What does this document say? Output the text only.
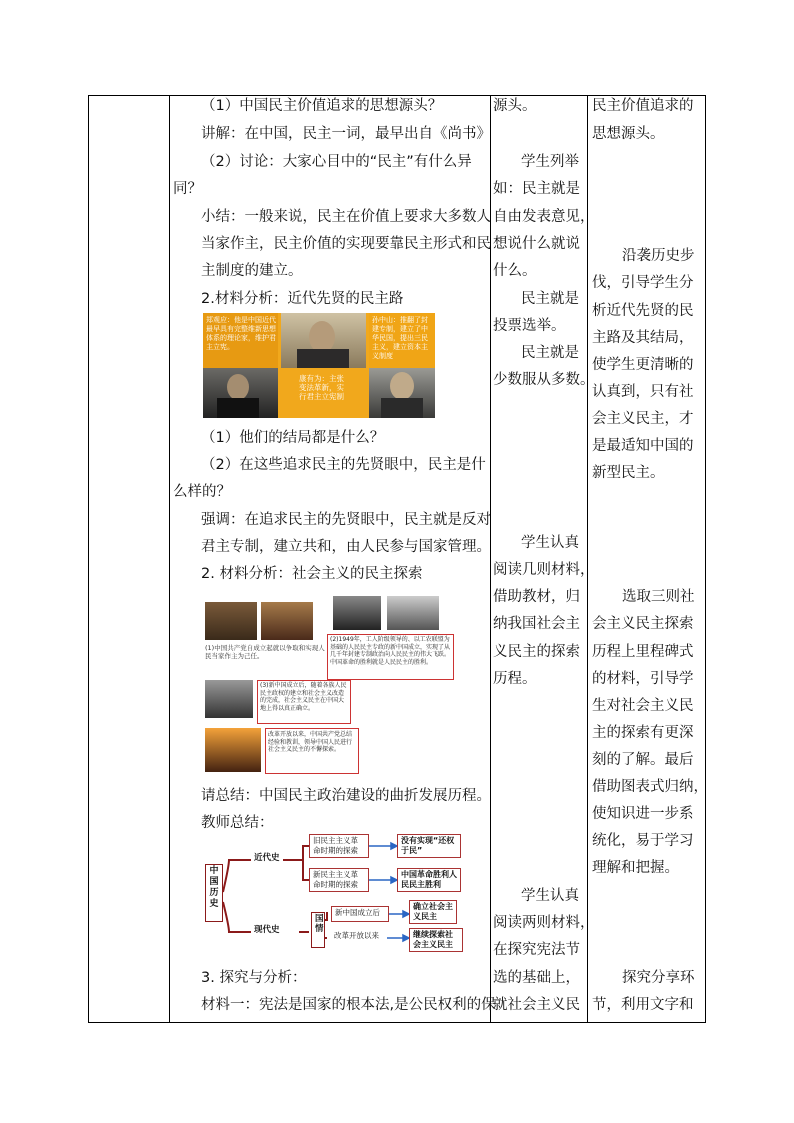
（1）中国民主价值追求的思想源头？
讲解：在中国，民主一词，最早出自《尚书》
（2）讨论：大家心目中的“民主”有什么异
同？
小结：一般来说，民主在价值上要求大多数人
当家作主，民主价值的实现要靠民主形式和民
主制度的建立。
2.材料分析：近代先贤的民主路
郑观应：他是中国近代最早具有完整维新思想体系的理论家，维护君主立宪。
孙中山：推翻了封建专制，建立了中华民国，提出三民主义，建立资本主义制度
康有为：主张变法革新，实行君主立宪制
（1）他们的结局都是什么？
（2）在这些追求民主的先贤眼中，民主是什
么样的？
强调：在追求民主的先贤眼中，民主就是反对
君主专制，建立共和，由人民参与国家管理。
2. 材料分析：社会主义的民主探索
(1)中国共产党自成立起就以争取和实现人民当家作主为己任。
(2)1949年，工人阶级领导的、以工农联盟为基础的人民民主专政的新中国成立，实现了从几千年封建专制政治向人民民主的伟大飞跃。中国革命的胜利就是人民民主的胜利。
(3)新中国成立后，随着各族人民民主政权的建立和社会主义改造的完成，社会主义民主在中国大地上得以真正确立。
改革开放以来，中国共产党总结经验和教训，领导中国人民进行社会主义民主的不懈探索。
请总结：中国民主政治建设的曲折发展历程。
教师总结：
中国历史
近代史
现代史
国情
旧民主主义革命时期的探索
没有实现“还权于民”
新民主主义革命时期的探索
中国革命胜利人民民主胜利
新中国成立后
确立社会主义民主
改革开放以来	继续探索社会主义民主
3. 探究与分析：
材料一：宪法是国家的根本法,是公民权利的保
源头。
学生列举
如：民主就是
自由发表意见，
想说什么就说
什么。
民主就是
投票选举。
民主就是
少数服从多数。
学生认真
阅读几则材料，
借助教材，归
纳我国社会主
义民主的探索
历程。
学生认真
阅读两则材料，
在探究宪法节
选的基础上，
就社会主义民
民主价值追求的
思想源头。
沿袭历史步
伐，引导学生分
析近代先贤的民
主路及其结局，
使学生更清晰的
认真到，只有社
会主义民主，才
是最适知中国的
新型民主。
选取三则社
会主义民主探索
历程上里程碑式
的材料，引导学
生对社会主义民
主的探索有更深
刻的了解。最后
借助图表式归纳，
使知识进一步系
统化，易于学习
理解和把握。
探究分享环
节，利用文字和
